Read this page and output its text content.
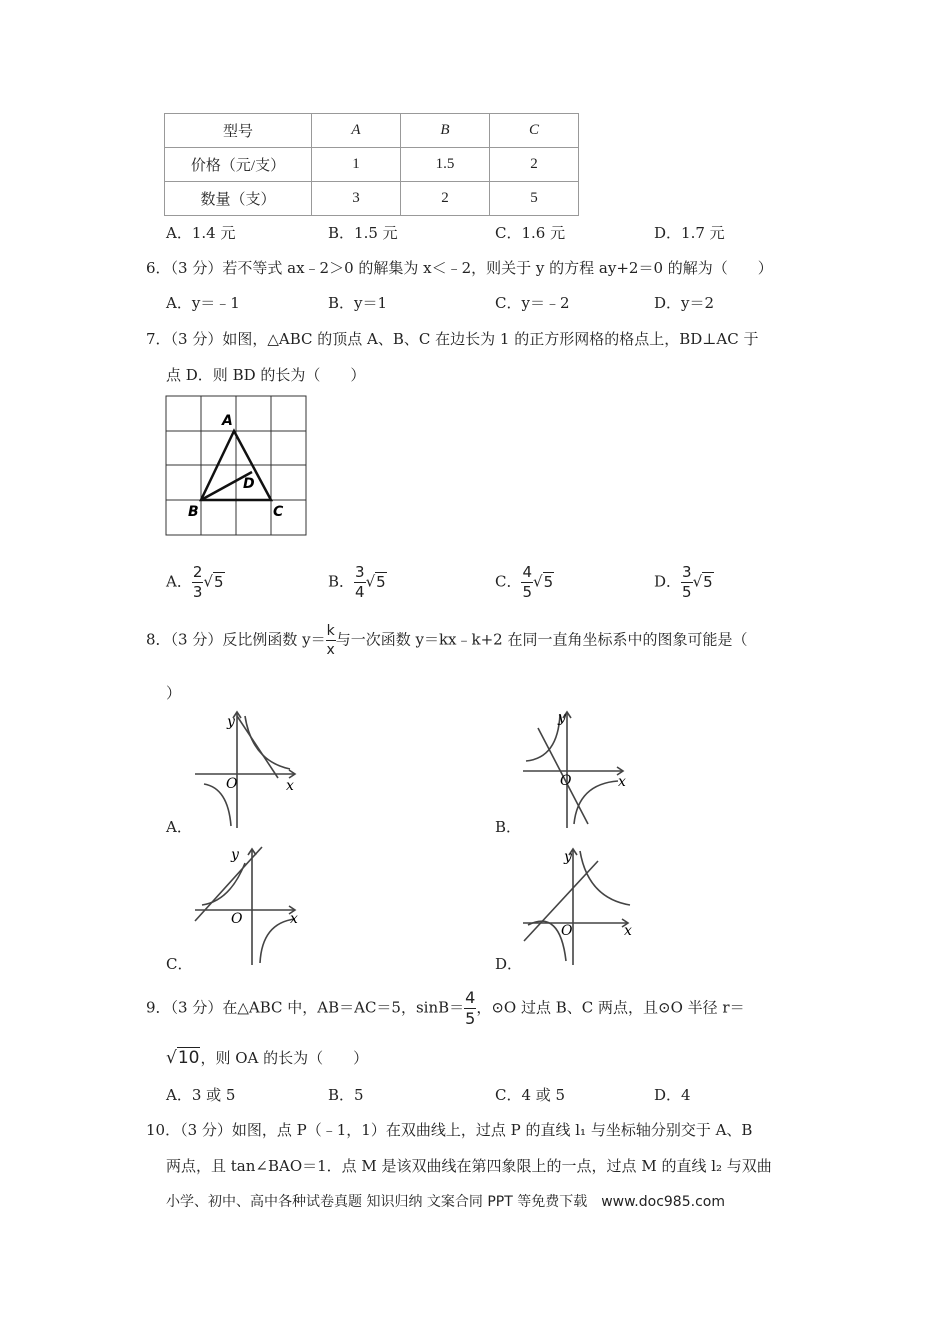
型号	A	B	C
价格（元/支）	1	1.5	2
数量（支）	3	2	5
A．1.4 元	B．1.5 元	C．1.6 元	D．1.7 元
6．（3 分）若不等式 ax﹣2＞0 的解集为 x＜﹣2，则关于 y 的方程 ay+2＝0 的解为（　　）
A．y＝﹣1	B．y＝1	C．y＝﹣2	D．y＝2
7．（3 分）如图，△ABC 的顶点 A、B、C 在边长为 1 的正方形网格的格点上，BD⊥AC 于
点 D．则 BD 的长为（　　）
A
B	C
D
A． $\frac{2}{3} √5$	B． $\frac{3}{4} √5$	C． $\frac{4}{5} √5$	D． $\frac{3}{5} √5$
8．（3 分）反比例函数 $y= \frac{k}{x}$ 与一次函数 y＝kx﹣k+2 在同一直角坐标系中的图象可能是（
）
y
x
O
A．
y
x
O
B．
y
x
O
C．
y
x
O
D．
9．（3 分）在△ABC 中，AB＝AC＝5，$\sin B= \frac{4}{5}$ ，⊙O 过点 B、C 两点，且⊙O 半径 r＝
√10，则 OA 的长为（　　）
A．3 或 5	B．5	C．4 或 5	D．4
10．（3 分）如图，点 P（﹣1，1）在双曲线上，过点 P 的直线 l₁ 与坐标轴分别交于 A、B
两点，且 tan∠BAO＝1．点 M 是该双曲线在第四象限上的一点，过点 M 的直线 l₂ 与双曲
小学、初中、高中各种试卷真题 知识归纳 文案合同 PPT 等免费下载　www.doc985.com
